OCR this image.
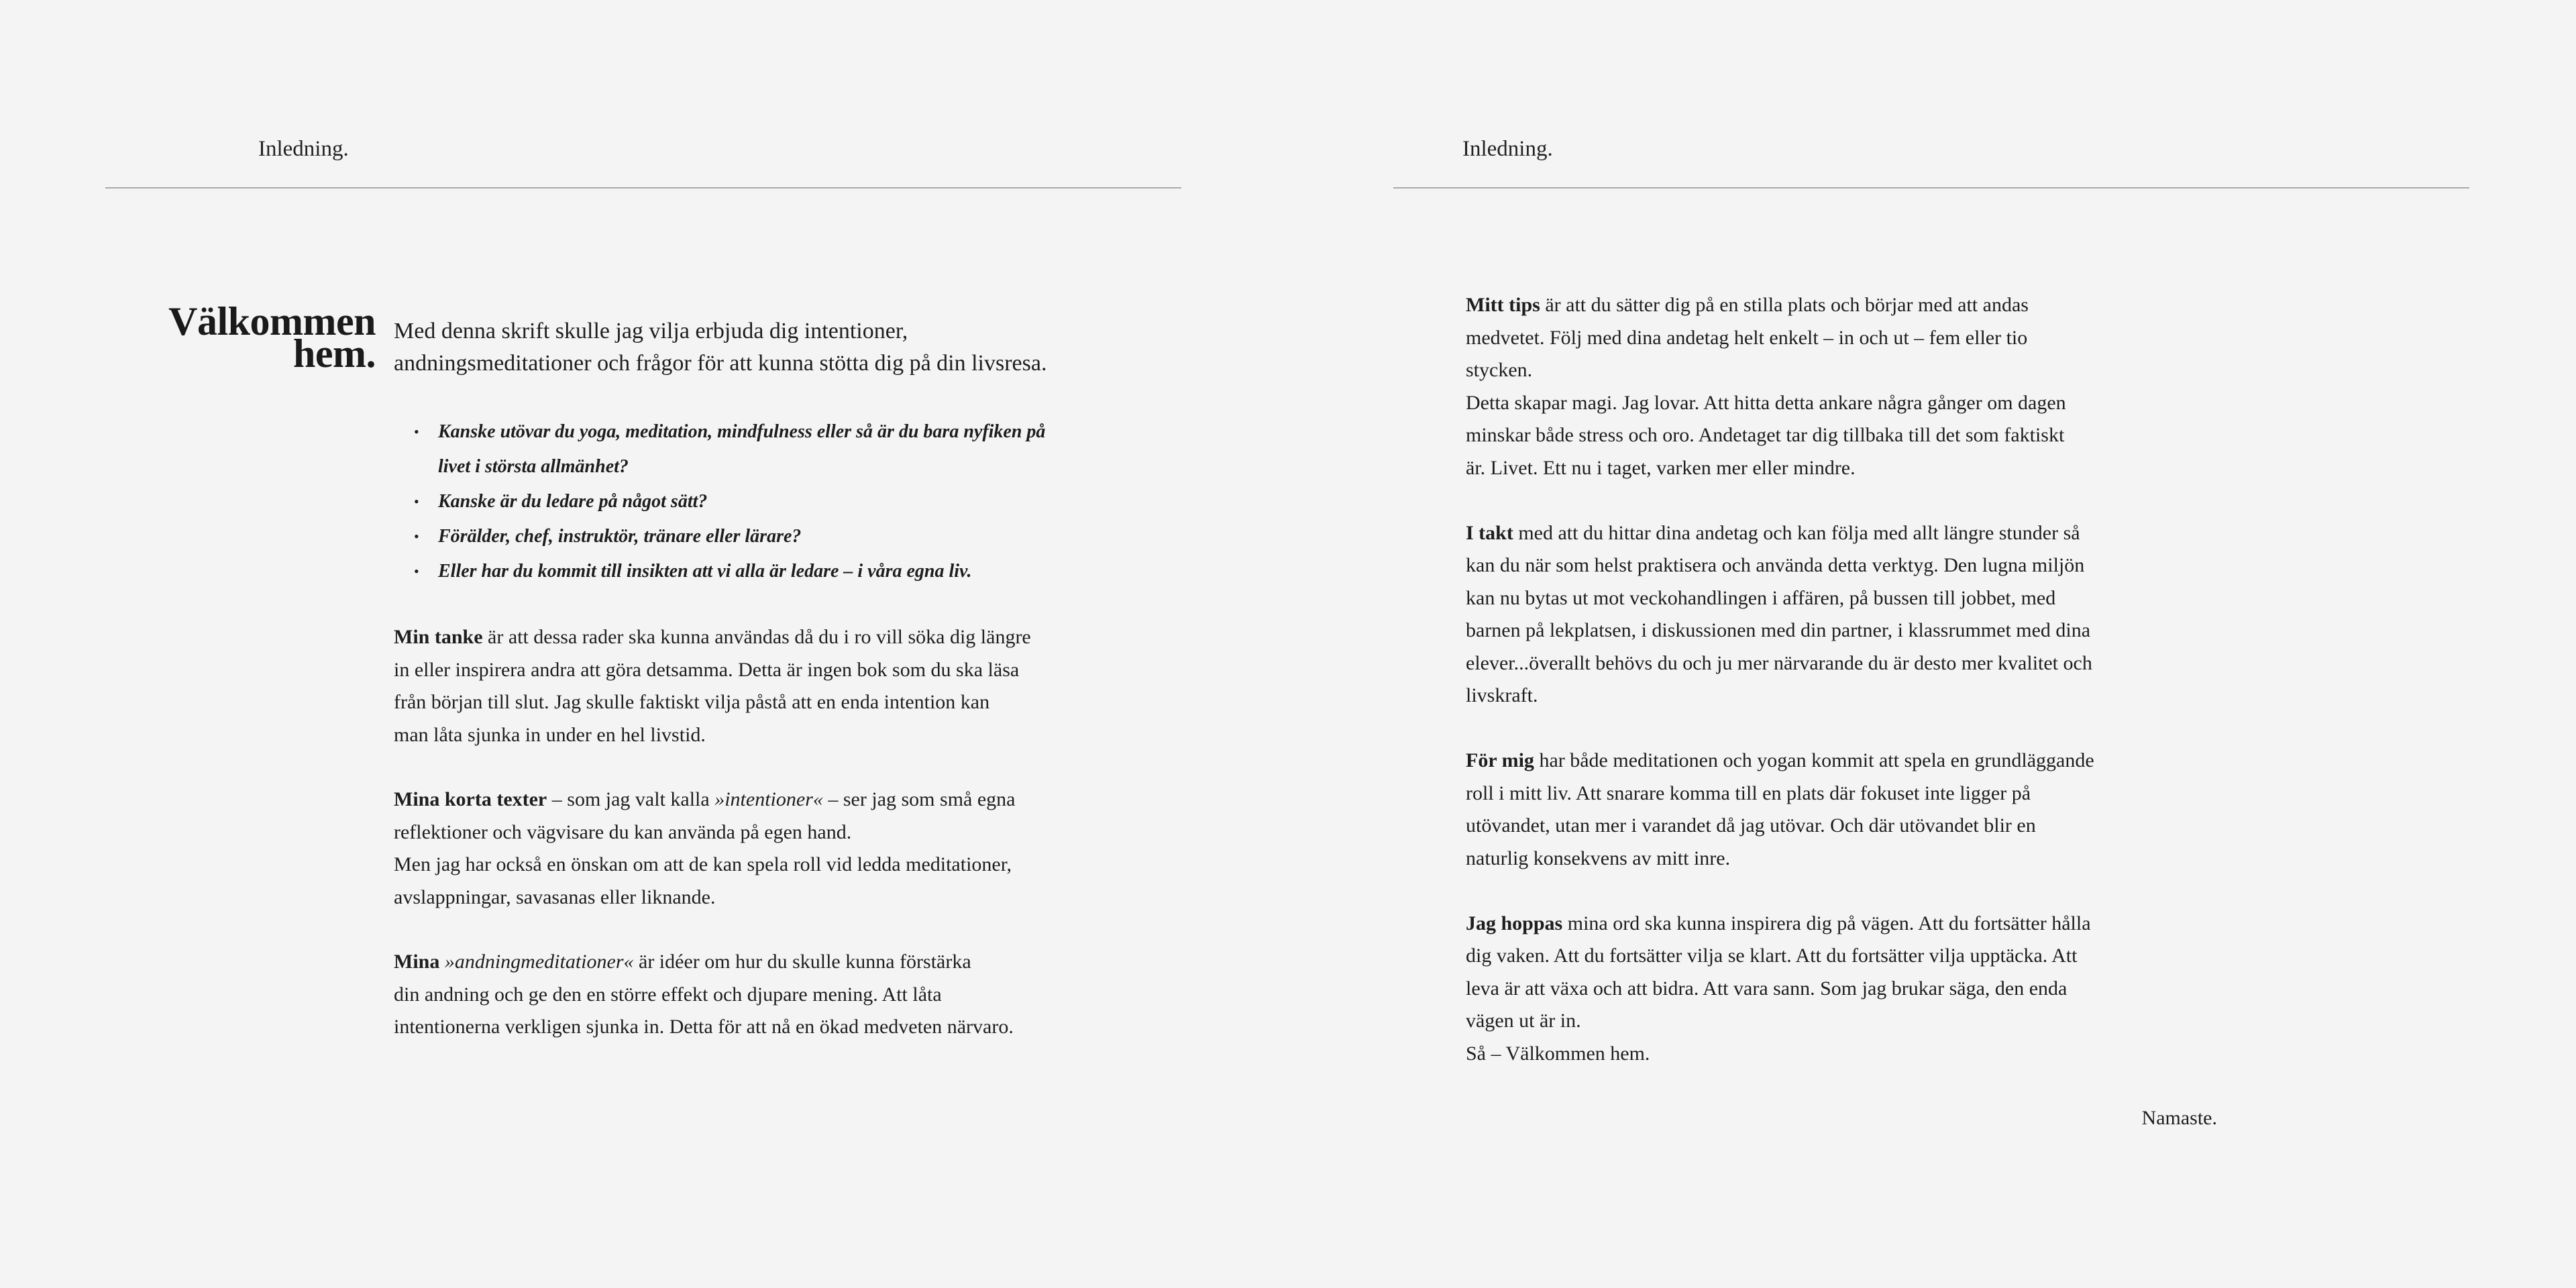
Inledning.
Välkommen
hem.

Med denna skrift skulle jag vilja erbjuda dig intentioner,
andningsmeditationer och frågor för att kunna stötta dig på din livsresa.

• Kanske utövar du yoga, meditation, mindfulness eller så är du bara nyfiken på
livet i största allmänhet?
• Kanske är du ledare på något sätt?
• Förälder, chef, instruktör, tränare eller lärare?
• Eller har du kommit till insikten att vi alla är ledare – i våra egna liv.

Min tanke är att dessa rader ska kunna användas då du i ro vill söka dig längre
in eller inspirera andra att göra detsamma. Detta är ingen bok som du ska läsa
från början till slut. Jag skulle faktiskt vilja påstå att en enda intention kan
man låta sjunka in under en hel livstid.

Mina korta texter – som jag valt kalla »intentioner« – ser jag som små egna
reflektioner och vägvisare du kan använda på egen hand.
Men jag har också en önskan om att de kan spela roll vid ledda meditationer,
avslappningar, savasanas eller liknande.

Mina »andningmeditationer« är idéer om hur du skulle kunna förstärka
din andning och ge den en större effekt och djupare mening. Att låta
intentionerna verkligen sjunka in. Detta för att nå en ökad medveten närvaro.

Inledning.

Mitt tips är att du sätter dig på en stilla plats och börjar med att andas
medvetet. Följ med dina andetag helt enkelt – in och ut – fem eller tio
stycken.
Detta skapar magi. Jag lovar. Att hitta detta ankare några gånger om dagen
minskar både stress och oro. Andetaget tar dig tillbaka till det som faktiskt
är. Livet. Ett nu i taget, varken mer eller mindre.

I takt med att du hittar dina andetag och kan följa med allt längre stunder så
kan du när som helst praktisera och använda detta verktyg. Den lugna miljön
kan nu bytas ut mot veckohandlingen i affären, på bussen till jobbet, med
barnen på lekplatsen, i diskussionen med din partner, i klassrummet med dina
elever...överallt behövs du och ju mer närvarande du är desto mer kvalitet och
livskraft.

För mig har både meditationen och yogan kommit att spela en grundläggande
roll i mitt liv. Att snarare komma till en plats där fokuset inte ligger på
utövandet, utan mer i varandet då jag utövar. Och där utövandet blir en
naturlig konsekvens av mitt inre.

Jag hoppas mina ord ska kunna inspirera dig på vägen. Att du fortsätter hålla
dig vaken. Att du fortsätter vilja se klart. Att du fortsätter vilja upptäcka. Att
leva är att växa och att bidra. Att vara sann. Som jag brukar säga, den enda
vägen ut är in.
Så – Välkommen hem.

Namaste.
